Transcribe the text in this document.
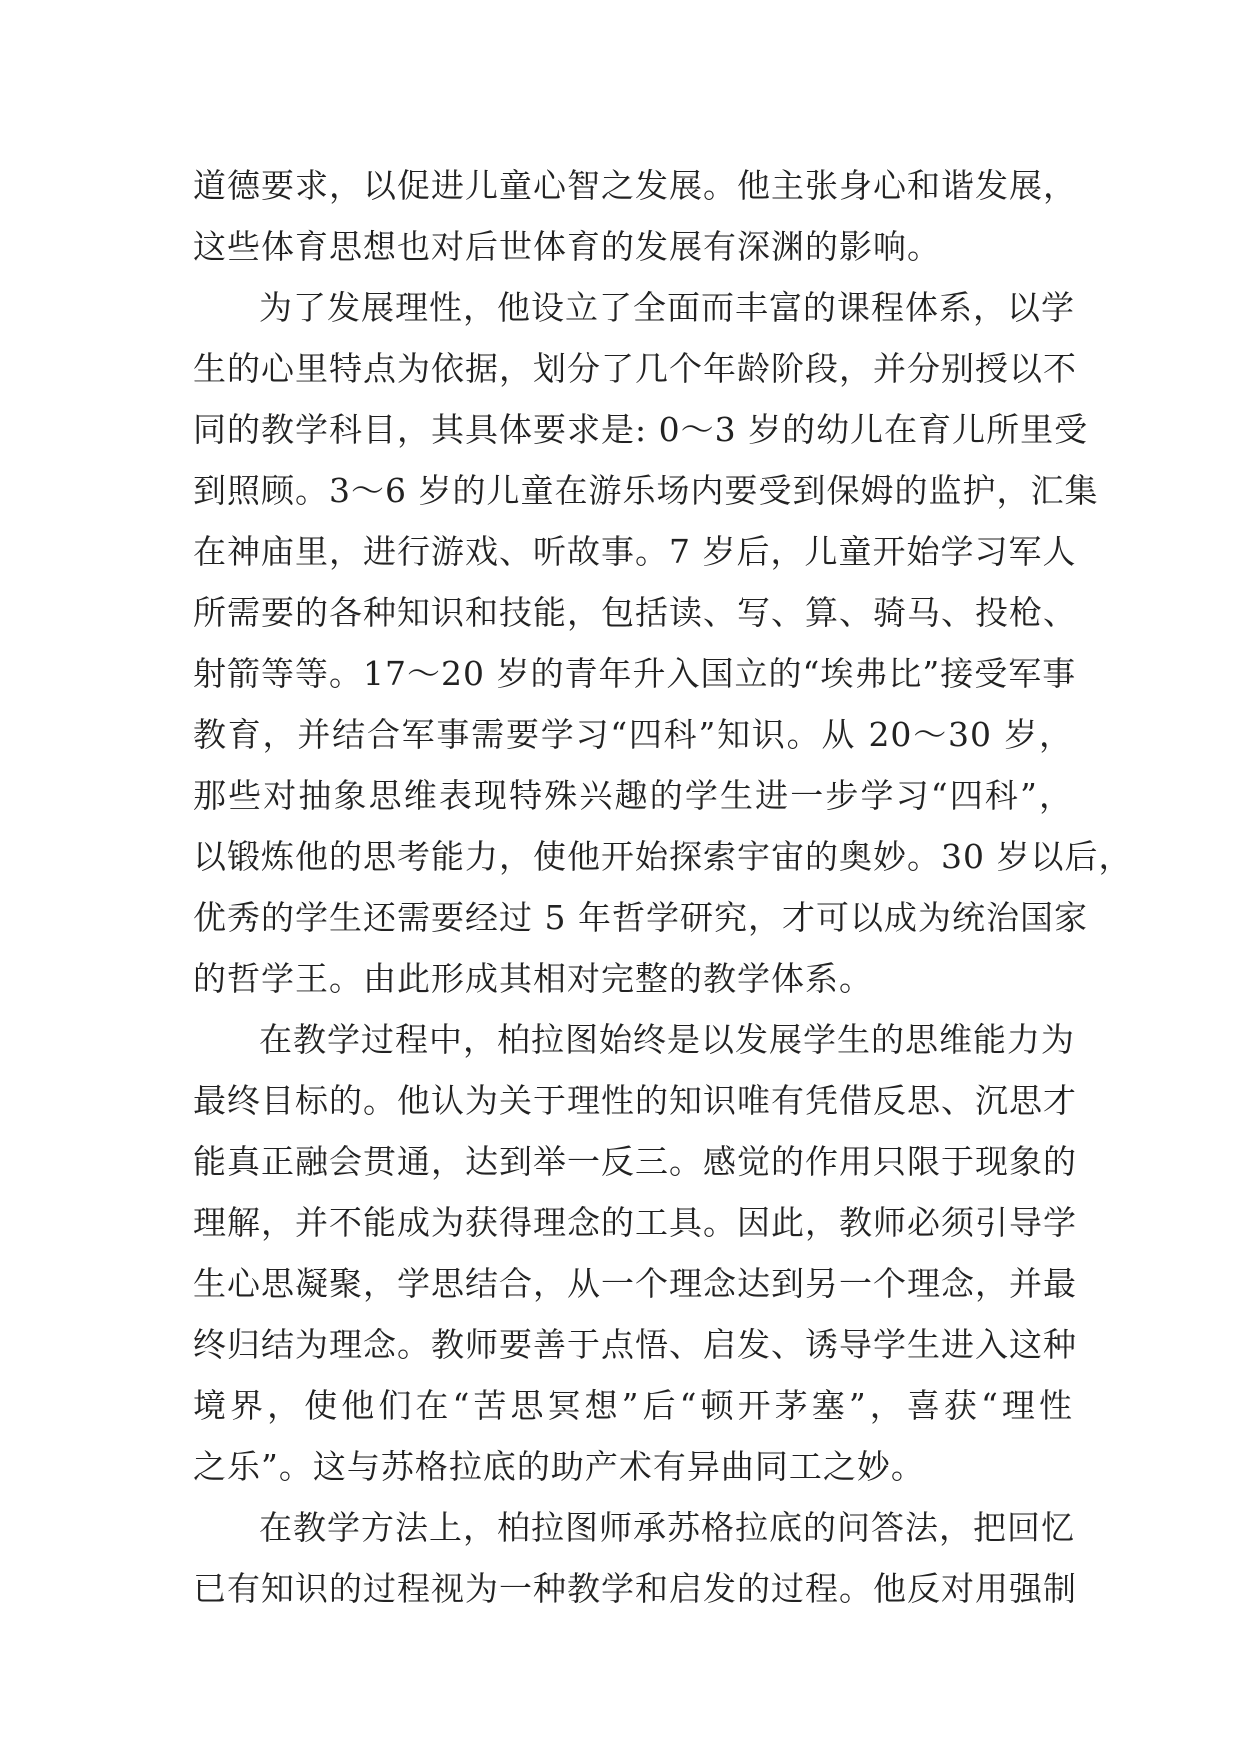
道德要求，以促进儿童心智之发展。他主张身心和谐发展，
这些体育思想也对后世体育的发展有深渊的影响。
为了发展理性，他设立了全面而丰富的课程体系，以学
生的心里特点为依据，划分了几个年龄阶段，并分别授以不
同的教学科目，其具体要求是: 0～3 岁的幼儿在育儿所里受
到照顾。3～6 岁的儿童在游乐场内要受到保姆的监护，汇集
在神庙里，进行游戏、听故事。7 岁后，儿童开始学习军人
所需要的各种知识和技能，包括读、写、算、骑马、投枪、
射箭等等。17～20 岁的青年升入国立的“埃弗比”接受军事
教育，并结合军事需要学习“四科”知识。从 20～30 岁，
那些对抽象思维表现特殊兴趣的学生进一步学习“四科”，
以锻炼他的思考能力，使他开始探索宇宙的奥妙。30 岁以后，
优秀的学生还需要经过 5 年哲学研究，才可以成为统治国家
的哲学王。由此形成其相对完整的教学体系。
在教学过程中，柏拉图始终是以发展学生的思维能力为
最终目标的。他认为关于理性的知识唯有凭借反思、沉思才
能真正融会贯通，达到举一反三。感觉的作用只限于现象的
理解，并不能成为获得理念的工具。因此，教师必须引导学
生心思凝聚，学思结合，从一个理念达到另一个理念，并最
终归结为理念。教师要善于点悟、启发、诱导学生进入这种
境界，使他们在“苦思冥想”后“顿开茅塞”，喜获“理性
之乐”。这与苏格拉底的助产术有异曲同工之妙。
在教学方法上，柏拉图师承苏格拉底的问答法，把回忆
已有知识的过程视为一种教学和启发的过程。他反对用强制
